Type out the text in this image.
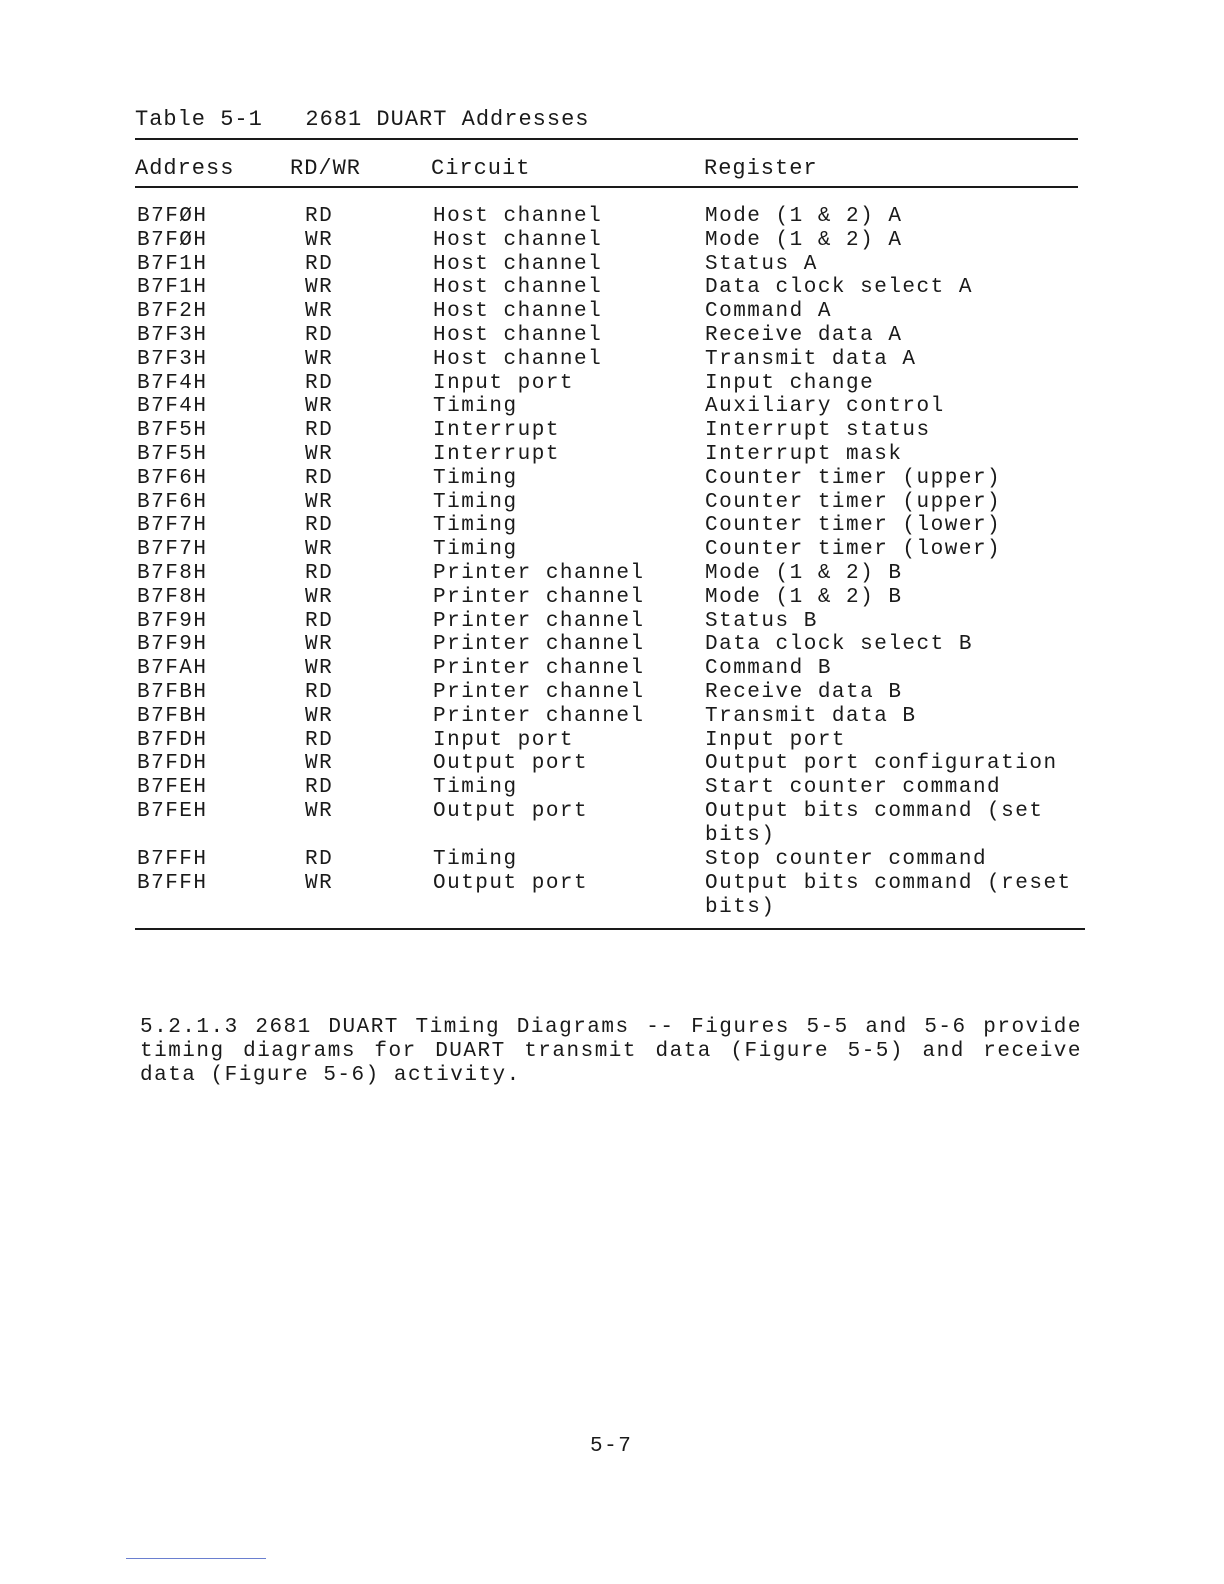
Table 5-1   2681 DUART Addresses
Address	RD/WR	Circuit	Register
B7FØH	RD	Host channel	Mode (1 & 2) A
B7FØH	WR	Host channel	Mode (1 & 2) A
B7F1H	RD	Host channel	Status A
B7F1H	WR	Host channel	Data clock select A
B7F2H	WR	Host channel	Command A
B7F3H	RD	Host channel	Receive data A
B7F3H	WR	Host channel	Transmit data A
B7F4H	RD	Input port	Input change
B7F4H	WR	Timing	Auxiliary control
B7F5H	RD	Interrupt	Interrupt status
B7F5H	WR	Interrupt	Interrupt mask
B7F6H	RD	Timing	Counter timer (upper)
B7F6H	WR	Timing	Counter timer (upper)
B7F7H	RD	Timing	Counter timer (lower)
B7F7H	WR	Timing	Counter timer (lower)
B7F8H	RD	Printer channel	Mode (1 & 2) B
B7F8H	WR	Printer channel	Mode (1 & 2) B
B7F9H	RD	Printer channel	Status B
B7F9H	WR	Printer channel	Data clock select B
B7FAH	WR	Printer channel	Command B
B7FBH	RD	Printer channel	Receive data B
B7FBH	WR	Printer channel	Transmit data B
B7FDH	RD	Input port	Input port
B7FDH	WR	Output port	Output port configuration
B7FEH	RD	Timing	Start counter command
B7FEH	WR	Output port	Output bits command (set bits)
B7FFH	RD	Timing	Stop counter command
B7FFH	WR	Output port	Output bits command (reset bits)
5.2.1.3 2681 DUART Timing Diagrams -- Figures 5-5 and 5-6 provide timing diagrams for DUART transmit data (Figure 5-5) and receive data (Figure 5-6) activity.
5-7
